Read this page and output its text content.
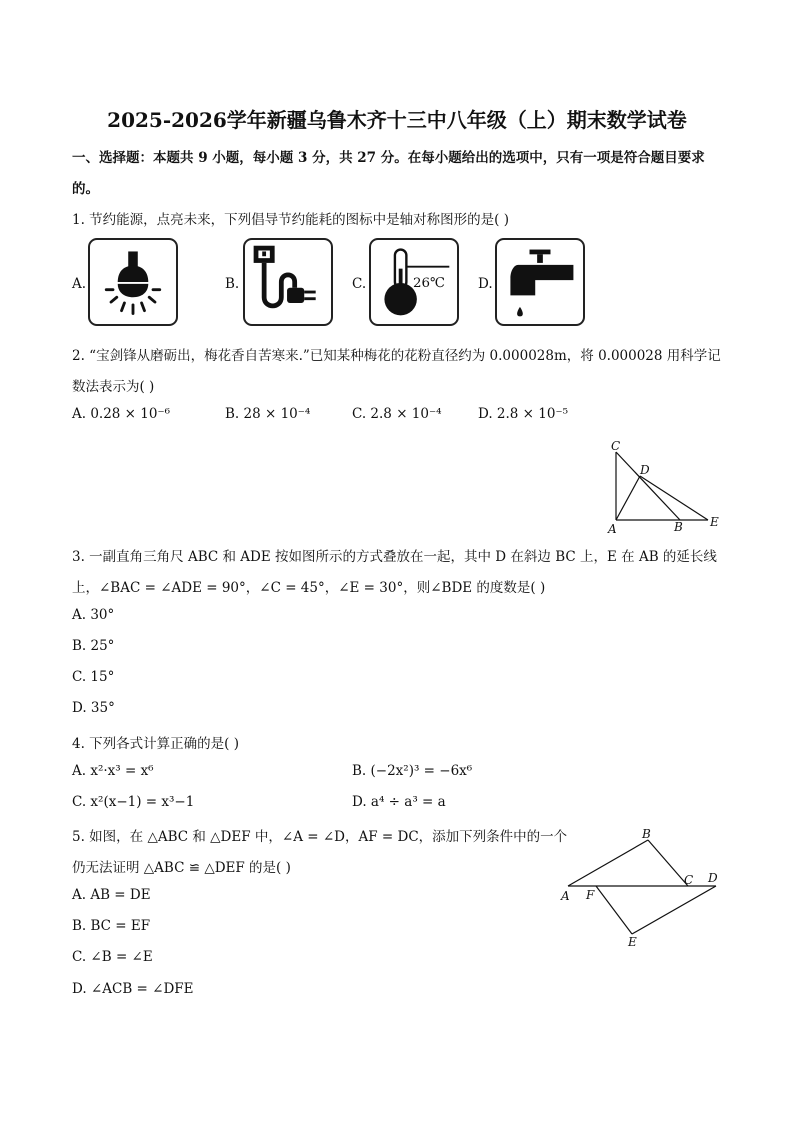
2025-2026学年新疆乌鲁木齐十三中八年级（上）期末数学试卷
一、选择题：本题共 9 小题，每小题 3 分，共 27 分。在每小题给出的选项中，只有一项是符合题目要求
的。
1. 节约能源，点亮未来，下列倡导节约能耗的图标中是轴对称图形的是( )
A.	B.	C.	26℃ D.
2. “宝剑锋从磨砺出，梅花香自苦寒来.”已知某种梅花的花粉直径约为 0.000028m，将 0.000028 用科学记
数法表示为( )
A. 0.28 × 10⁻⁶	B. 28 × 10⁻⁴	C. 2.8 × 10⁻⁴	D. 2.8 × 10⁻⁵
C
D
A	B E
3. 一副直角三角尺 ABC 和 ADE 按如图所示的方式叠放在一起，其中 D 在斜边 BC 上，E 在 AB 的延长线
上，∠BAC = ∠ADE = 90°，∠C = 45°，∠E = 30°，则∠BDE 的度数是( )
A. 30°
B. 25°
C. 15°
D. 35°
4. 下列各式计算正确的是( )
A. x²·x³ = x⁶	B. (−2x²)³ = −6x⁶
C. x²(x−1) = x³−1	D. a⁴ ÷ a³ = a
5. 如图，在 △ABC 和 △DEF 中，∠A = ∠D，AF = DC，添加下列条件中的一个
仍无法证明 △ABC ≌ △DEF 的是( )
A. AB = DE
B. BC = EF
C. ∠B = ∠E
D. ∠ACB = ∠DFE
A F
C D
B
E
